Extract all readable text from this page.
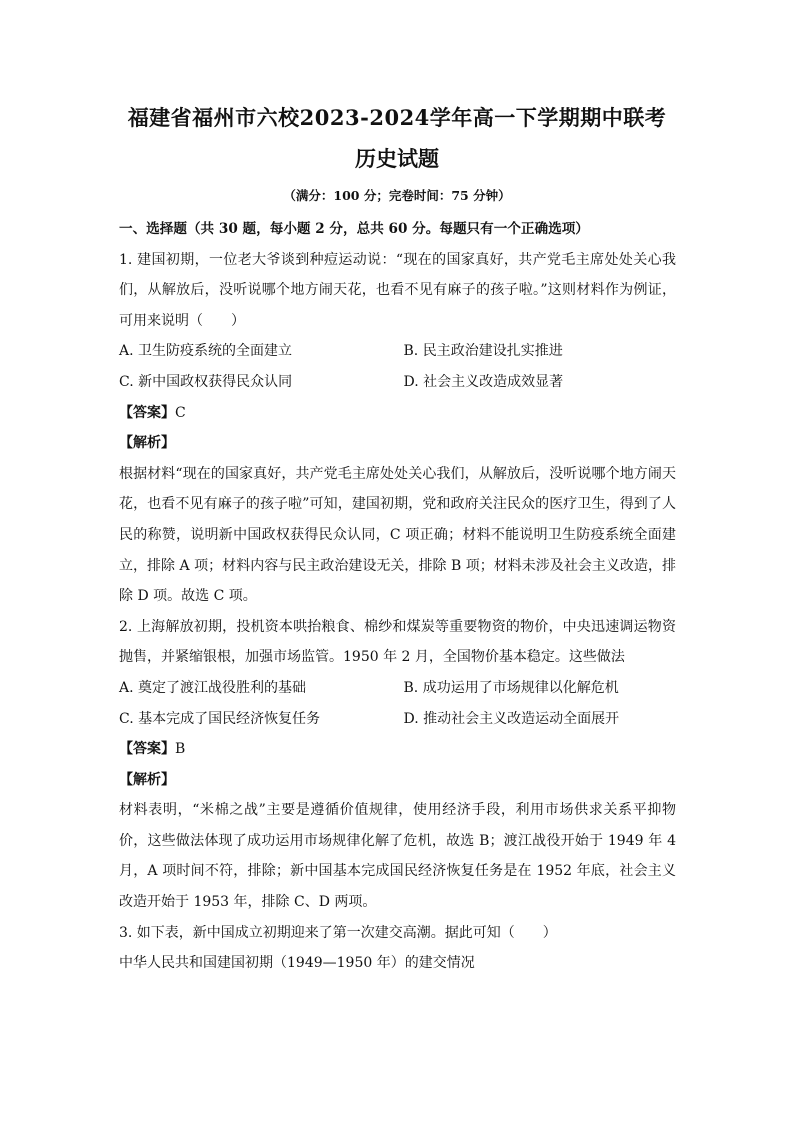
福建省福州市六校2023-2024学年高一下学期期中联考
历史试题
（满分：100 分；完卷时间：75 分钟）
一、选择题（共 30 题，每小题 2 分，总共 60 分。每题只有一个正确选项）

1. 建国初期，一位老大爷谈到种痘运动说：“现在的国家真好，共产党毛主席处处关心我们，从解放后，没听说哪个地方闹天花，也看不见有麻子的孩子啦。”这则材料作为例证，可用来说明（　　）

A. 卫生防疫系统的全面建立	B. 民主政治建设扎实推进
C. 新中国政权获得民众认同	D. 社会主义改造成效显著
【答案】C
【解析】

根据材料“现在的国家真好，共产党毛主席处处关心我们，从解放后，没听说哪个地方闹天花，也看不见有麻子的孩子啦”可知，建国初期，党和政府关注民众的医疗卫生，得到了人民的称赞，说明新中国政权获得民众认同，C 项正确；材料不能说明卫生防疫系统全面建立，排除 A 项；材料内容与民主政治建设无关，排除 B 项；材料未涉及社会主义改造，排除 D 项。故选 C 项。

2. 上海解放初期，投机资本哄抬粮食、棉纱和煤炭等重要物资的物价，中央迅速调运物资抛售，并紧缩银根，加强市场监管。1950 年 2 月，全国物价基本稳定。这些做法

A. 奠定了渡江战役胜利的基础	B. 成功运用了市场规律以化解危机
C. 基本完成了国民经济恢复任务	D. 推动社会主义改造运动全面展开
【答案】B
【解析】

材料表明，“米棉之战”主要是遵循价值规律，使用经济手段，利用市场供求关系平抑物价，这些做法体现了成功运用市场规律化解了危机，故选 B；渡江战役开始于 1949 年 4 月，A 项时间不符，排除；新中国基本完成国民经济恢复任务是在 1952 年底，社会主义改造开始于 1953 年，排除 C、D 两项。

3. 如下表，新中国成立初期迎来了第一次建交高潮。据此可知（　　）

中华人民共和国建国初期（1949—1950 年）的建交情况
